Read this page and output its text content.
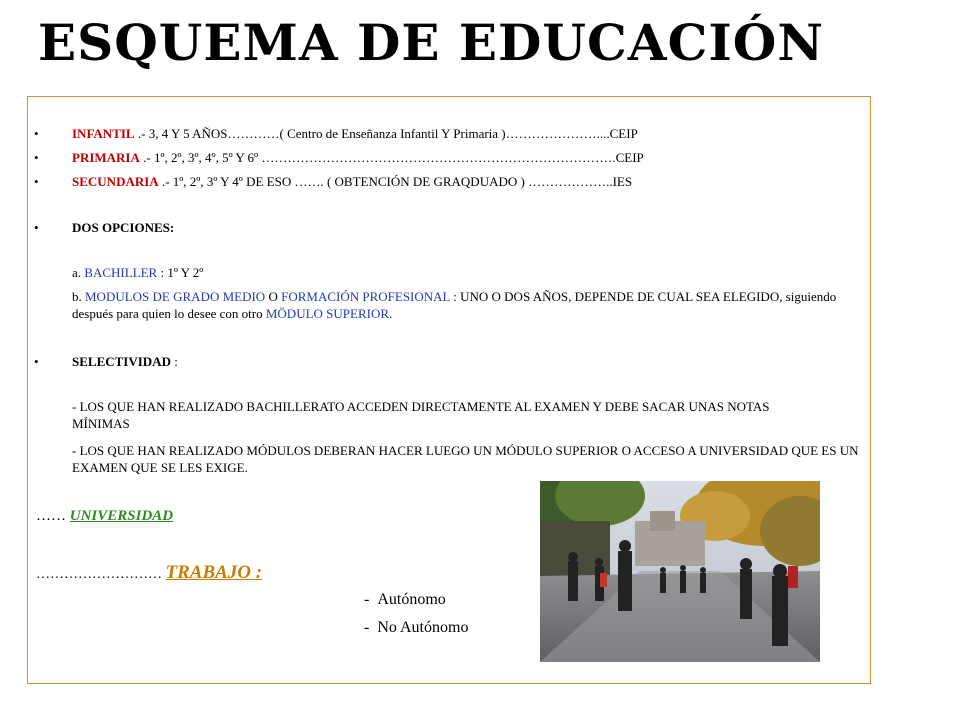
ESQUEMA DE EDUCACIÓN
•	INFANTIL .- 3, 4 Y 5 AÑOS…………( Centro de Enseñanza Infantil Y Primaria )…………………....CEIP
•	PRIMARIA .- 1º, 2º, 3º, 4º, 5º Y 6º ……………………………………………………………………….CEIP
•	SECUNDARIA .- 1º, 2º, 3º Y 4º DE ESO ……. ( OBTENCIÓN DE GRAQDUADO ) ………………..IES
•	DOS OPCIONES:
a. BACHILLER : 1º Y 2º
b. MODULOS DE GRADO MEDIO O FORMACIÓN PROFESIONAL : UNO O DOS AÑOS, DEPENDE DE CUAL SEA ELEGIDO, siguiendo después para quien lo desee con otro MÖDULO SUPERIOR.
•	SELECTIVIDAD :
- LOS QUE HAN REALIZADO BACHILLERATO ACCEDEN DIRECTAMENTE AL EXAMEN Y DEBE SACAR UNAS NOTAS MÍNIMAS
- LOS QUE HAN REALIZADO MÓDULOS DEBERAN HACER LUEGO UN MÓDULO SUPERIOR O ACCESO A UNIVERSIDAD QUE ES UN EXAMEN QUE SE LES EXIGE.
…… UNIVERSIDAD
……………………… TRABAJO :
- Autónomo
- No Autónomo
